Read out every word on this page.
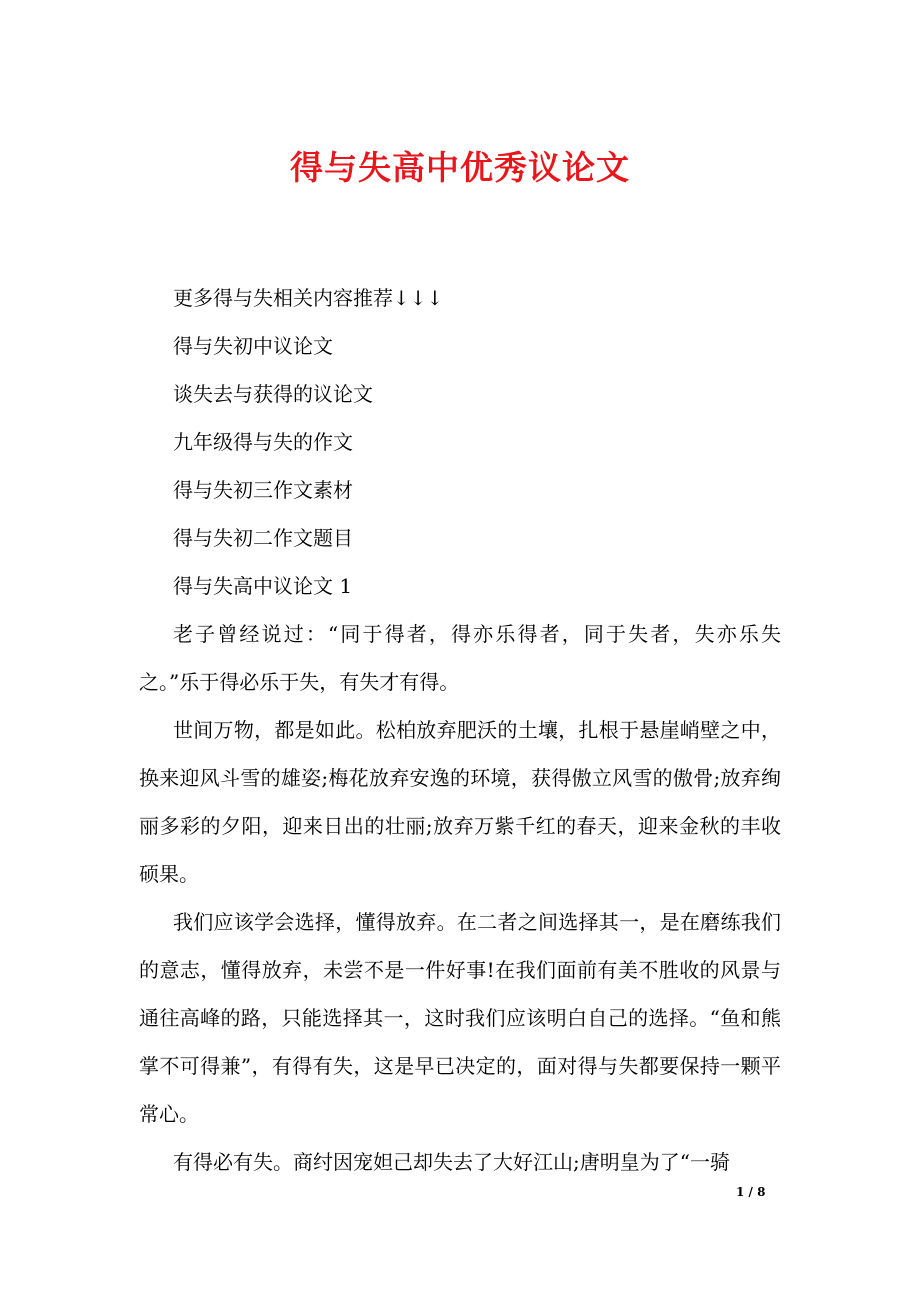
得与失高中优秀议论文
更多得与失相关内容推荐↓↓↓
得与失初中议论文
谈失去与获得的议论文
九年级得与失的作文
得与失初三作文素材
得与失初二作文题目
得与失高中议论文 1

老子曾经说过：“同于得者，得亦乐得者，同于失者，失亦乐失之。”乐于得必乐于失，有失才有得。

世间万物，都是如此。松柏放弃肥沃的土壤，扎根于悬崖峭壁之中，换来迎风斗雪的雄姿;梅花放弃安逸的环境，获得傲立风雪的傲骨;放弃绚丽多彩的夕阳，迎来日出的壮丽;放弃万紫千红的春天，迎来金秋的丰收硕果。

我们应该学会选择，懂得放弃。在二者之间选择其一，是在磨练我们的意志，懂得放弃，未尝不是一件好事!在我们面前有美不胜收的风景与通往高峰的路，只能选择其一，这时我们应该明白自己的选择。“鱼和熊掌不可得兼”，有得有失，这是早已决定的，面对得与失都要保持一颗平常心。

有得必有失。商纣因宠妲己却失去了大好江山;唐明皇为了“一骑

1 / 8
